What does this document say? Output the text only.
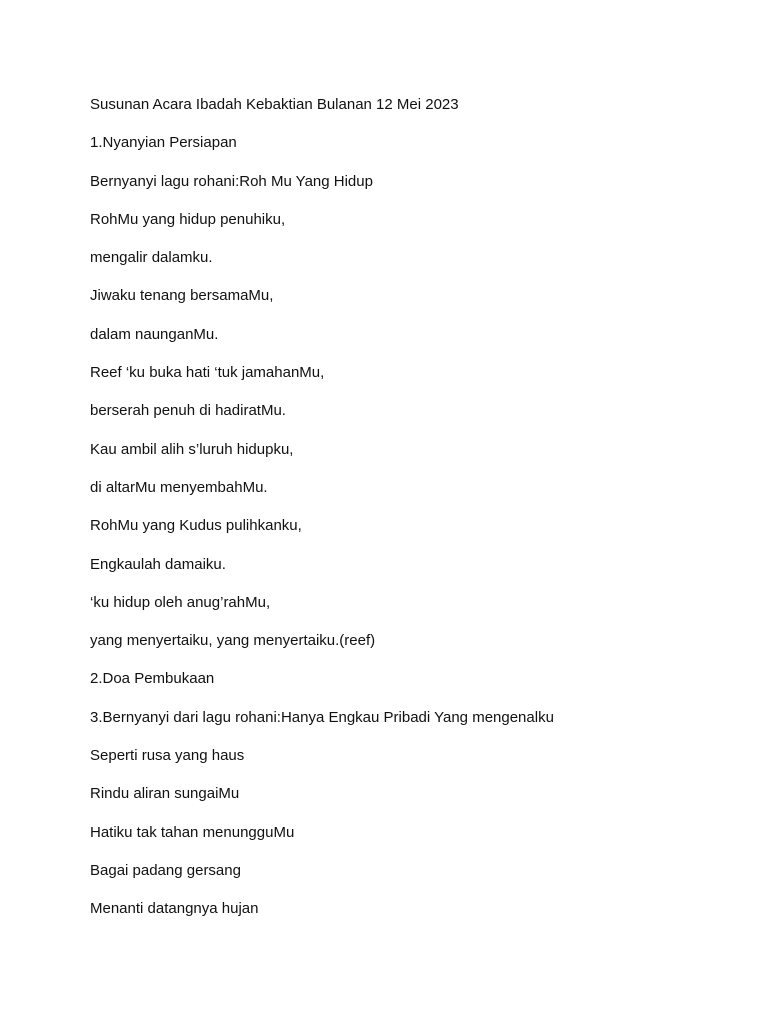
Susunan Acara Ibadah Kebaktian Bulanan 12 Mei 2023
1.Nyanyian Persiapan
Bernyanyi lagu rohani:Roh Mu Yang Hidup
RohMu yang hidup penuhiku,
mengalir dalamku.
Jiwaku tenang bersamaMu,
dalam naunganMu.
Reef ‘ku buka hati ‘tuk jamahanMu,
berserah penuh di hadiratMu.
Kau ambil alih s’luruh hidupku,
di altarMu menyembahMu.
RohMu yang Kudus pulihkanku,
Engkaulah damaiku.
‘ku hidup oleh anug’rahMu,
yang menyertaiku, yang menyertaiku.(reef)
2.Doa Pembukaan
3.Bernyanyi dari lagu rohani:Hanya Engkau Pribadi Yang mengenalku
Seperti rusa yang haus
Rindu aliran sungaiMu
Hatiku tak tahan menungguMu
Bagai padang gersang
Menanti datangnya hujan
